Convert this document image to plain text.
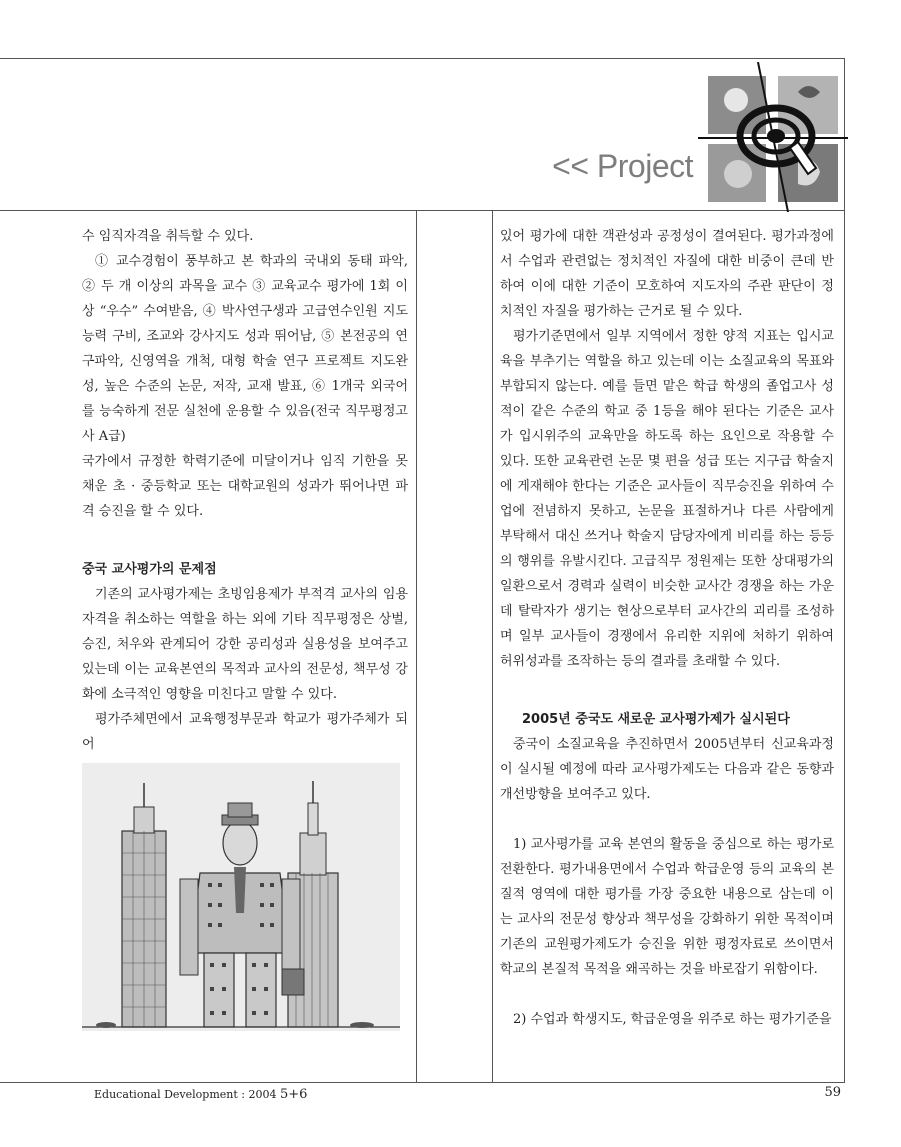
<< Project

수 임직자격을 취득할 수 있다.

① 교수경험이 풍부하고 본 학과의 국내외 동태 파악, ② 두 개 이상의 과목을 교수 ③ 교육교수 평가에 1회 이상 “우수” 수여받음, ④ 박사연구생과 고급연수인원 지도능력 구비, 조교와 강사지도 성과 뛰어남, ⑤ 본전공의 연구파악, 신영역을 개척, 대형 학술 연구 프로젝트 지도완성, 높은 수준의 논문, 저작, 교재 발표, ⑥ 1개국 외국어를 능숙하게 전문 실천에 운용할 수 있음(전국 직무평정고사 A급)

국가에서 규정한 학력기준에 미달이거나 임직 기한을 못 채운 초 · 중등학교 또는 대학교원의 성과가 뛰어나면 파격 승진을 할 수 있다.

중국 교사평가의 문제점

기존의 교사평가제는 초빙임용제가 부적격 교사의 임용자격을 취소하는 역할을 하는 외에 기타 직무평정은 상벌, 승진, 처우와 관계되어 강한 공리성과 실용성을 보여주고 있는데 이는 교육본연의 목적과 교사의 전문성, 책무성 강화에 소극적인 영향을 미친다고 말할 수 있다.

평가주체면에서 교육행정부문과 학교가 평가주체가 되어

있어 평가에 대한 객관성과 공정성이 결여된다. 평가과정에서 수업과 관련없는 정치적인 자질에 대한 비중이 큰데 반하여 이에 대한 기준이 모호하여 지도자의 주관 판단이 정치적인 자질을 평가하는 근거로 될 수 있다.

평가기준면에서 일부 지역에서 정한 양적 지표는 입시교육을 부추기는 역할을 하고 있는데 이는 소질교육의 목표와 부합되지 않는다. 예를 들면 맡은 학급 학생의 졸업고사 성적이 같은 수준의 학교 중 1등을 해야 된다는 기준은 교사가 입시위주의 교육만을 하도록 하는 요인으로 작용할 수 있다. 또한 교육관련 논문 몇 편을 성급 또는 지구급 학술지에 게재해야 한다는 기준은 교사들이 직무승진을 위하여 수업에 전념하지 못하고, 논문을 표절하거나 다른 사람에게 부탁해서 대신 쓰거나 학술지 담당자에게 비리를 하는 등등의 행위를 유발시킨다. 고급직무 정원제는 또한 상대평가의 일환으로서 경력과 실력이 비슷한 교사간 경쟁을 하는 가운데 탈락자가 생기는 현상으로부터 교사간의 괴리를 조성하며 일부 교사들이 경쟁에서 유리한 지위에 처하기 위하여 허위성과를 조작하는 등의 결과를 초래할 수 있다.

2005년 중국도 새로운 교사평가제가 실시된다

중국이 소질교육을 추진하면서 2005년부터 신교육과정이 실시될 예정에 따라 교사평가제도는 다음과 같은 동향과 개선방향을 보여주고 있다.

1) 교사평가를 교육 본연의 활동을 중심으로 하는 평가로 전환한다. 평가내용면에서 수업과 학급운영 등의 교육의 본질적 영역에 대한 평가를 가장 중요한 내용으로 삼는데 이는 교사의 전문성 향상과 책무성을 강화하기 위한 목적이며 기존의 교원평가제도가 승진을 위한 평정자료로 쓰이면서 학교의 본질적 목적을 왜곡하는 것을 바로잡기 위함이다.

2) 수업과 학생지도, 학급운영을 위주로 하는 평가기준을

Educational Development : 2004 5+6	59
